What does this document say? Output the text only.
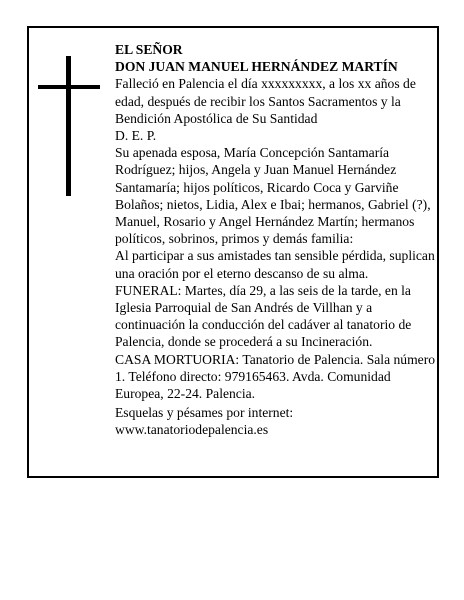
EL SEÑOR

DON JUAN MANUEL HERNÁNDEZ MARTÍN

Falleció en Palencia el día xxxxxxxxx, a los xx años de edad, después de recibir los Santos Sacramentos y la Bendición Apostólica de Su Santidad

D. E. P.

Su apenada esposa, María Concepción Santamaría Rodríguez; hijos, Angela y Juan Manuel Hernández Santamaría; hijos políticos, Ricardo Coca y Garviñe Bolaños; nietos, Lidia, Alex e Ibai; hermanos, Gabriel (?), Manuel, Rosario y Angel Hernández Martín; hermanos políticos, sobrinos, primos y demás familia:

Al participar a sus amistades tan sensible pérdida, suplican una oración por el eterno descanso de su alma.

FUNERAL: Martes, día 29, a las seis de la tarde, en la Iglesia Parroquial de San Andrés de Villhan y a continuación la conducción del cadáver al tanatorio de Palencia, donde se procederá a su Incineración.

CASA MORTUORIA: Tanatorio de Palencia. Sala número 1. Teléfono directo: 979165463. Avda. Comunidad Europea, 22-24. Palencia.

Esquelas y pésames por internet: www.tanatoriodepalencia.es
